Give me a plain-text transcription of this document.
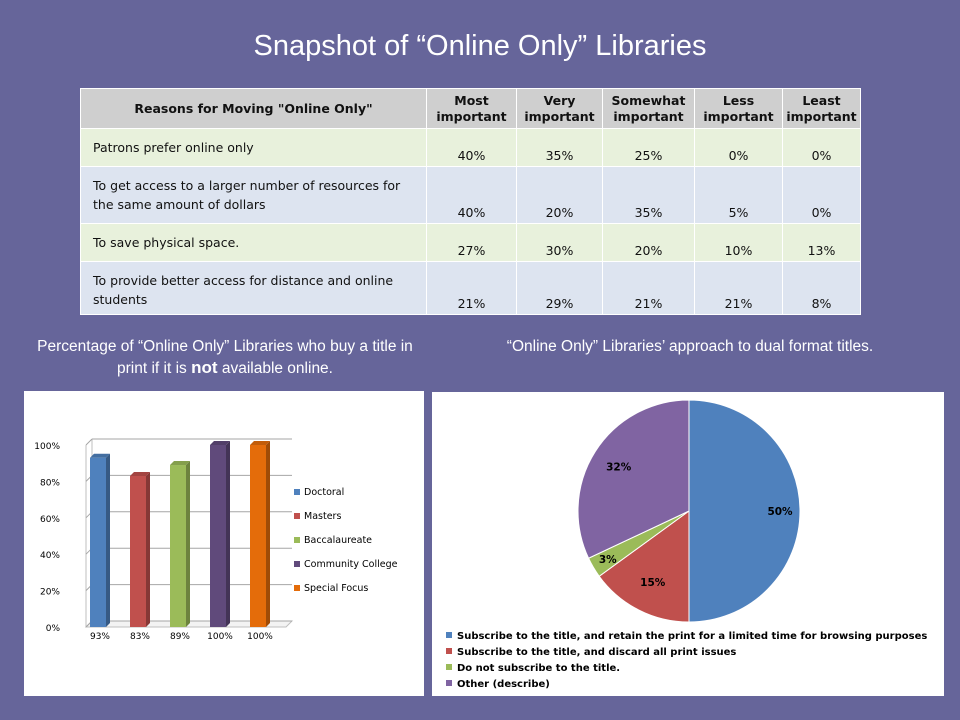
Snapshot of “Online Only” Libraries
Reasons for Moving "Online Only"	Most important	Very important	Somewhat important	Less important	Least important
Patrons prefer online only	40%	35%	25%	0%	0%
To get access to a larger number of resources for the same amount of dollars	40%	20%	35%	5%	0%
To save physical space.	27%	30%	20%	10%	13%
To provide better access for distance and online students	21%	29%	21%	21%	8%
Percentage of “Online Only” Libraries who buy a title in print if it is not available online.
“Online Only” Libraries’ approach to dual format titles.
0%
20%
40%
60%
80%
100%
93% 83% 89% 100% 100%
Doctoral
Masters
Baccalaureate
Community College
Special Focus
50%
15%
3%
32%
Subscribe to the title, and retain the print for a limited time for browsing purposes
Subscribe to the title, and discard all print issues
Do not subscribe to the title.
Other (describe)
